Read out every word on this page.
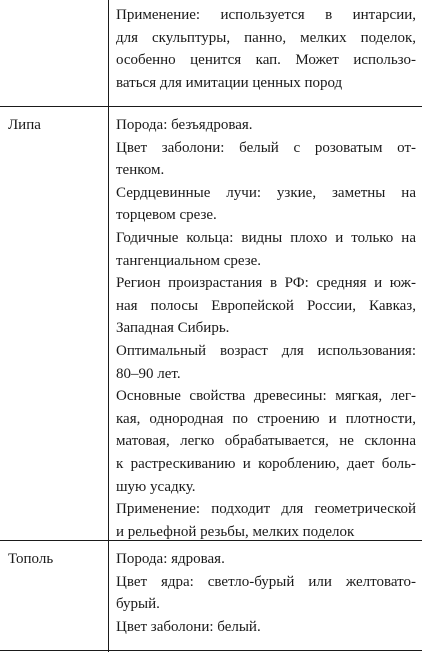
Применение: используется в интарсии,
для скульптуры, панно, мелких поделок,
особенно ценится кап. Может использо-
ваться для имитации ценных пород
Липа	Порода: безъядровая.
Цвет заболони: белый с розоватым от-
тенком.
Сердцевинные лучи: узкие, заметны на
торцевом срезе.
Годичные кольца: видны плохо и только на
тангенциальном срезе.
Регион произрастания в РФ: средняя и юж-
ная полосы Европейской России, Кавказ,
Западная Сибирь.
Оптимальный возраст для использования:
80–90 лет.
Основные свойства древесины: мягкая, лег-
кая, однородная по строению и плотности,
матовая, легко обрабатывается, не склонна
к растрескиванию и короблению, дает боль-
шую усадку.
Применение: подходит для геометрической
и рельефной резьбы, мелких поделок
Тополь	Порода: ядровая.
Цвет ядра: светло-бурый или желтовато-
бурый.
Цвет заболони: белый.
